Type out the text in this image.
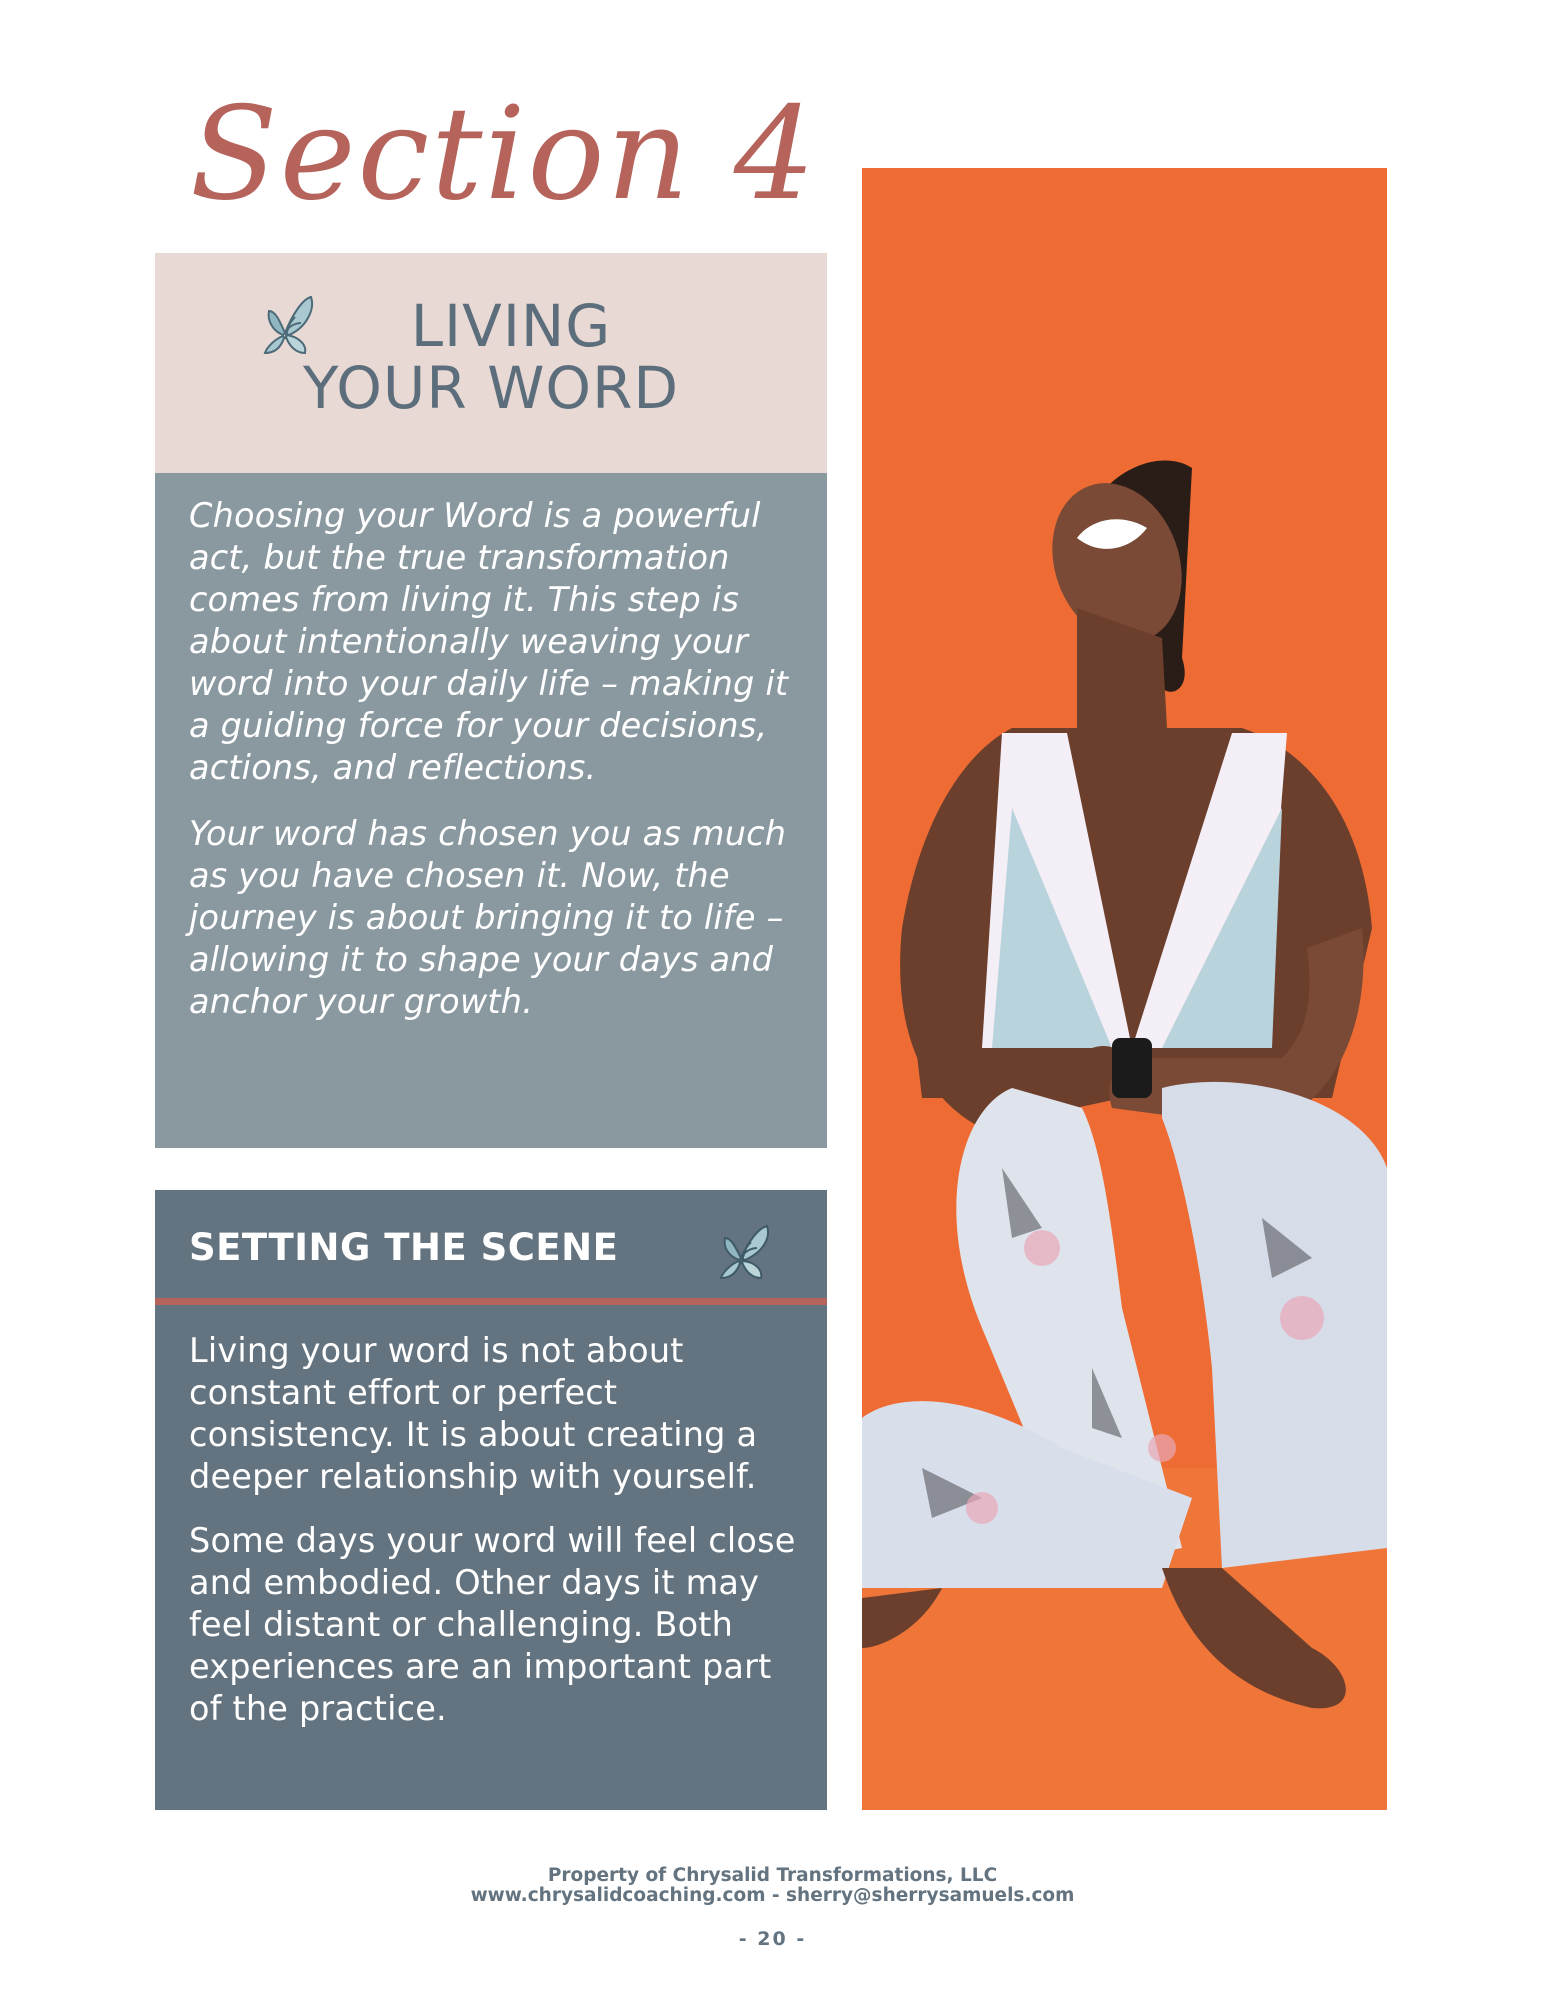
Section 4
LIVING
YOUR WORD

Choosing your Word is a powerful act, but the true transformation comes from living it. This step is about intentionally weaving your word into your daily life – making it a guiding force for your decisions, actions, and reflections.

Your word has chosen you as much as you have chosen it. Now, the journey is about bringing it to life – allowing it to shape your days and anchor your growth.

SETTING THE SCENE

Living your word is not about constant effort or perfect consistency. It is about creating a deeper relationship with yourself.

Some days your word will feel close and embodied. Other days it may feel distant or challenging. Both experiences are an important part of the practice.

Property of Chrysalid Transformations, LLC
www.chrysalidcoaching.com - sherry@sherrysamuels.com
- 20 -
